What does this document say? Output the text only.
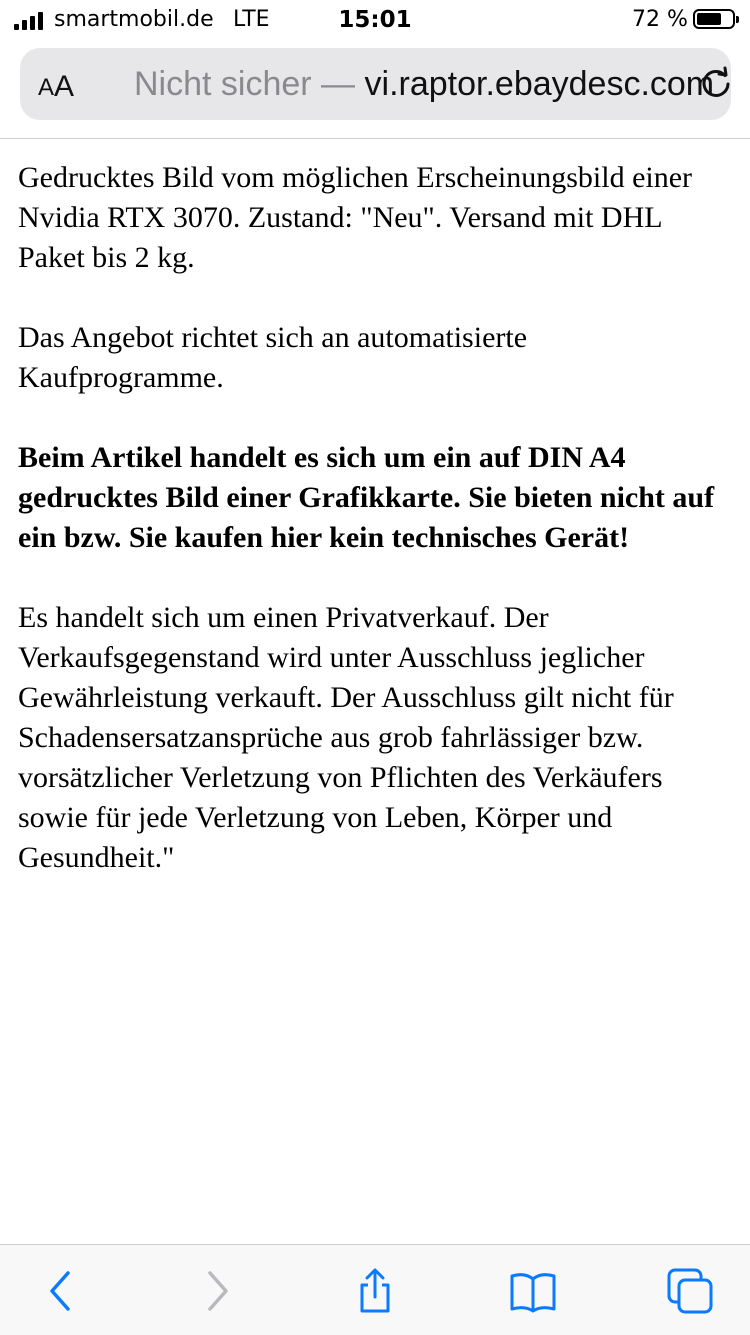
smartmobil.de LTE	15:01	72 %
A A Nicht sicher — vi.raptor.ebaydesc.com

Gedrucktes Bild vom möglichen Erscheinungsbild einer Nvidia RTX 3070. Zustand: "Neu". Versand mit DHL Paket bis 2 kg.

Das Angebot richtet sich an automatisierte Kaufprogramme.

Beim Artikel handelt es sich um ein auf DIN A4 gedrucktes Bild einer Grafikkarte. Sie bieten nicht auf ein bzw. Sie kaufen hier kein technisches Gerät!

Es handelt sich um einen Privatverkauf. Der Verkaufsgegenstand wird unter Ausschluss jeglicher Gewährleistung verkauft. Der Ausschluss gilt nicht für Schadensersatzansprüche aus grob fahrlässiger bzw. vorsätzlicher Verletzung von Pflichten des Verkäufers sowie für jede Verletzung von Leben, Körper und Gesundheit."
